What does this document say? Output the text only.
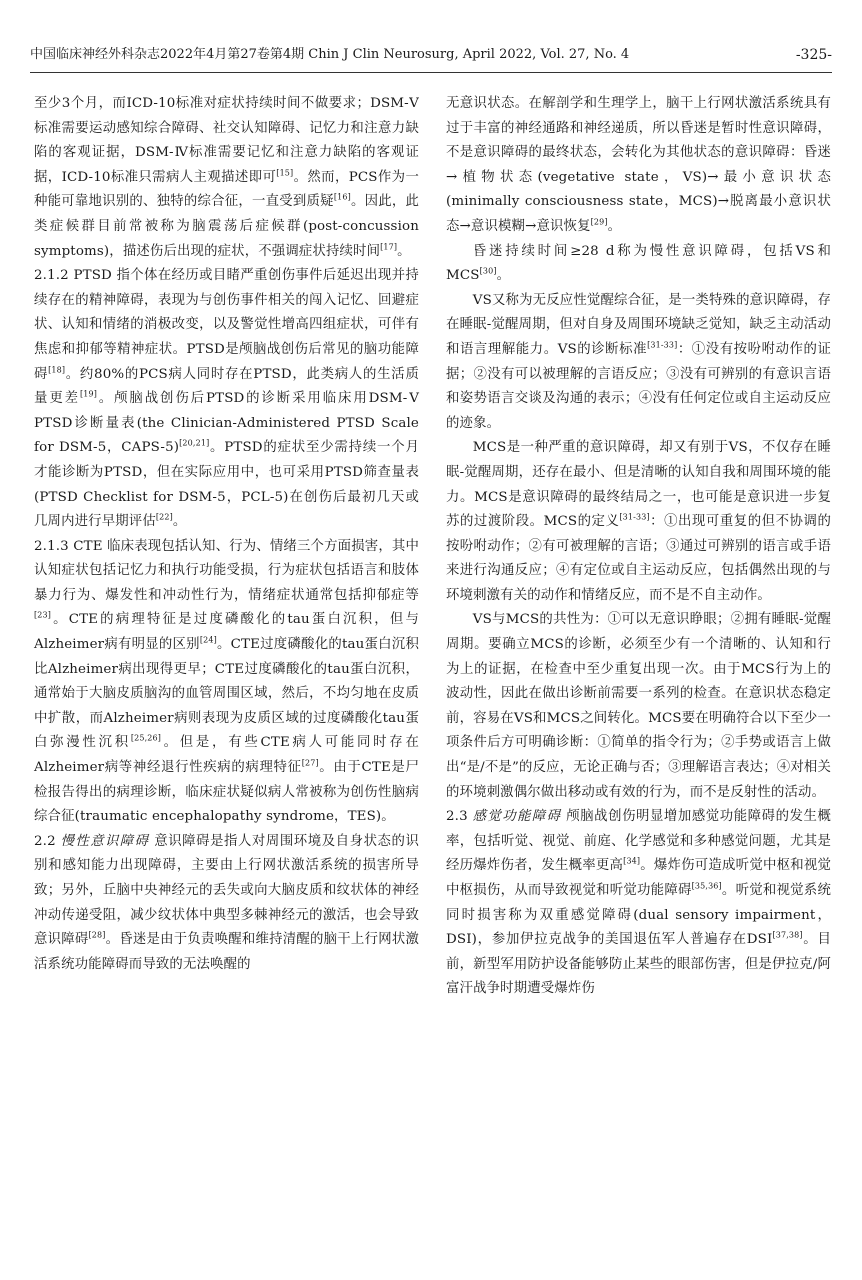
中国临床神经外科杂志2022年4月第27卷第4期 Chin J Clin Neurosurg, April 2022, Vol. 27, No. 4	-325-

至少3个月，而ICD-10标准对症状持续时间不做要求；DSM-Ⅴ标准需要运动感知综合障碍、社交认知障碍、记忆力和注意力缺陷的客观证据，DSM-Ⅳ标准需要记忆和注意力缺陷的客观证据，ICD-10标准只需病人主观描述即可[15]。然而，PCS作为一种能可靠地识别的、独特的综合征，一直受到质疑[16]。因此，此类症候群目前常被称为脑震荡后症候群(post-concussion symptoms)，描述伤后出现的症状，不强调症状持续时间[17]。

2.1.2 PTSD 指个体在经历或目睹严重创伤事件后延迟出现并持续存在的精神障碍，表现为与创伤事件相关的闯入记忆、回避症状、认知和情绪的消极改变，以及警觉性增高四组症状，可伴有焦虑和抑郁等精神症状。PTSD是颅脑战创伤后常见的脑功能障碍[18]。约80%的PCS病人同时存在PTSD，此类病人的生活质量更差[19]。颅脑战创伤后PTSD的诊断采用临床用DSM-Ⅴ PTSD诊断量表(the Clinician-Administered PTSD Scale for DSM-5，CAPS-5)[20,21]。PTSD的症状至少需持续一个月才能诊断为PTSD，但在实际应用中，也可采用PTSD筛查量表(PTSD Checklist for DSM-5，PCL-5)在创伤后最初几天或几周内进行早期评估[22]。

2.1.3 CTE 临床表现包括认知、行为、情绪三个方面损害，其中认知症状包括记忆力和执行功能受损，行为症状包括语言和肢体暴力行为、爆发性和冲动性行为，情绪症状通常包括抑郁症等[23]。CTE的病理特征是过度磷酸化的tau蛋白沉积，但与Alzheimer病有明显的区别[24]。CTE过度磷酸化的tau蛋白沉积比Alzheimer病出现得更早；CTE过度磷酸化的tau蛋白沉积，通常始于大脑皮质脑沟的血管周围区域，然后，不均匀地在皮质中扩散，而Alzheimer病则表现为皮质区域的过度磷酸化tau蛋白弥漫性沉积[25,26]。但是，有些CTE病人可能同时存在Alzheimer病等神经退行性疾病的病理特征[27]。由于CTE是尸检报告得出的病理诊断，临床症状疑似病人常被称为创伤性脑病综合征(traumatic encephalopathy syndrome，TES)。

2.2 慢性意识障碍 意识障碍是指人对周围环境及自身状态的识别和感知能力出现障碍，主要由上行网状激活系统的损害所导致；另外，丘脑中央神经元的丢失或向大脑皮质和纹状体的神经冲动传递受阻，减少纹状体中典型多棘神经元的激活，也会导致意识障碍[28]。昏迷是由于负责唤醒和维持清醒的脑干上行网状激活系统功能障碍而导致的无法唤醒的

无意识状态。在解剖学和生理学上，脑干上行网状激活系统具有过于丰富的神经通路和神经递质，所以昏迷是暂时性意识障碍，不是意识障碍的最终状态，会转化为其他状态的意识障碍：昏迷→植物状态(vegetative state，VS)→最小意识状态(minimally consciousness state，MCS)→脱离最小意识状态→意识模糊→意识恢复[29]。

昏迷持续时间≥28 d称为慢性意识障碍，包括VS和MCS[30]。

VS又称为无反应性觉醒综合征，是一类特殊的意识障碍，存在睡眠-觉醒周期，但对自身及周围环境缺乏觉知，缺乏主动活动和语言理解能力。VS的诊断标准[31-33]：①没有按吩咐动作的证据；②没有可以被理解的言语反应；③没有可辨别的有意识言语和姿势语言交谈及沟通的表示；④没有任何定位或自主运动反应的迹象。

MCS是一种严重的意识障碍，却又有别于VS，不仅存在睡眠-觉醒周期，还存在最小、但是清晰的认知自我和周围环境的能力。MCS是意识障碍的最终结局之一，也可能是意识进一步复苏的过渡阶段。MCS的定义[31-33]：①出现可重复的但不协调的按吩咐动作；②有可被理解的言语；③通过可辨别的语言或手语来进行沟通反应；④有定位或自主运动反应，包括偶然出现的与环境刺激有关的动作和情绪反应，而不是不自主动作。

VS与MCS的共性为：①可以无意识睁眼；②拥有睡眠-觉醒周期。要确立MCS的诊断，必须至少有一个清晰的、认知和行为上的证据，在检查中至少重复出现一次。由于MCS行为上的波动性，因此在做出诊断前需要一系列的检查。在意识状态稳定前，容易在VS和MCS之间转化。MCS要在明确符合以下至少一项条件后方可明确诊断：①简单的指令行为；②手势或语言上做出“是/不是”的反应，无论正确与否；③理解语言表达；④对相关的环境刺激偶尔做出移动或有效的行为，而不是反射性的活动。

2.3 感觉功能障碍 颅脑战创伤明显增加感觉功能障碍的发生概率，包括听觉、视觉、前庭、化学感觉和多种感觉问题，尤其是经历爆炸伤者，发生概率更高[34]。爆炸伤可造成听觉中枢和视觉中枢损伤，从而导致视觉和听觉功能障碍[35,36]。听觉和视觉系统同时损害称为双重感觉障碍(dual sensory impairment，DSI)，参加伊拉克战争的美国退伍军人普遍存在DSI[37,38]。目前，新型军用防护设备能够防止某些的眼部伤害，但是伊拉克/阿富汗战争时期遭受爆炸伤
